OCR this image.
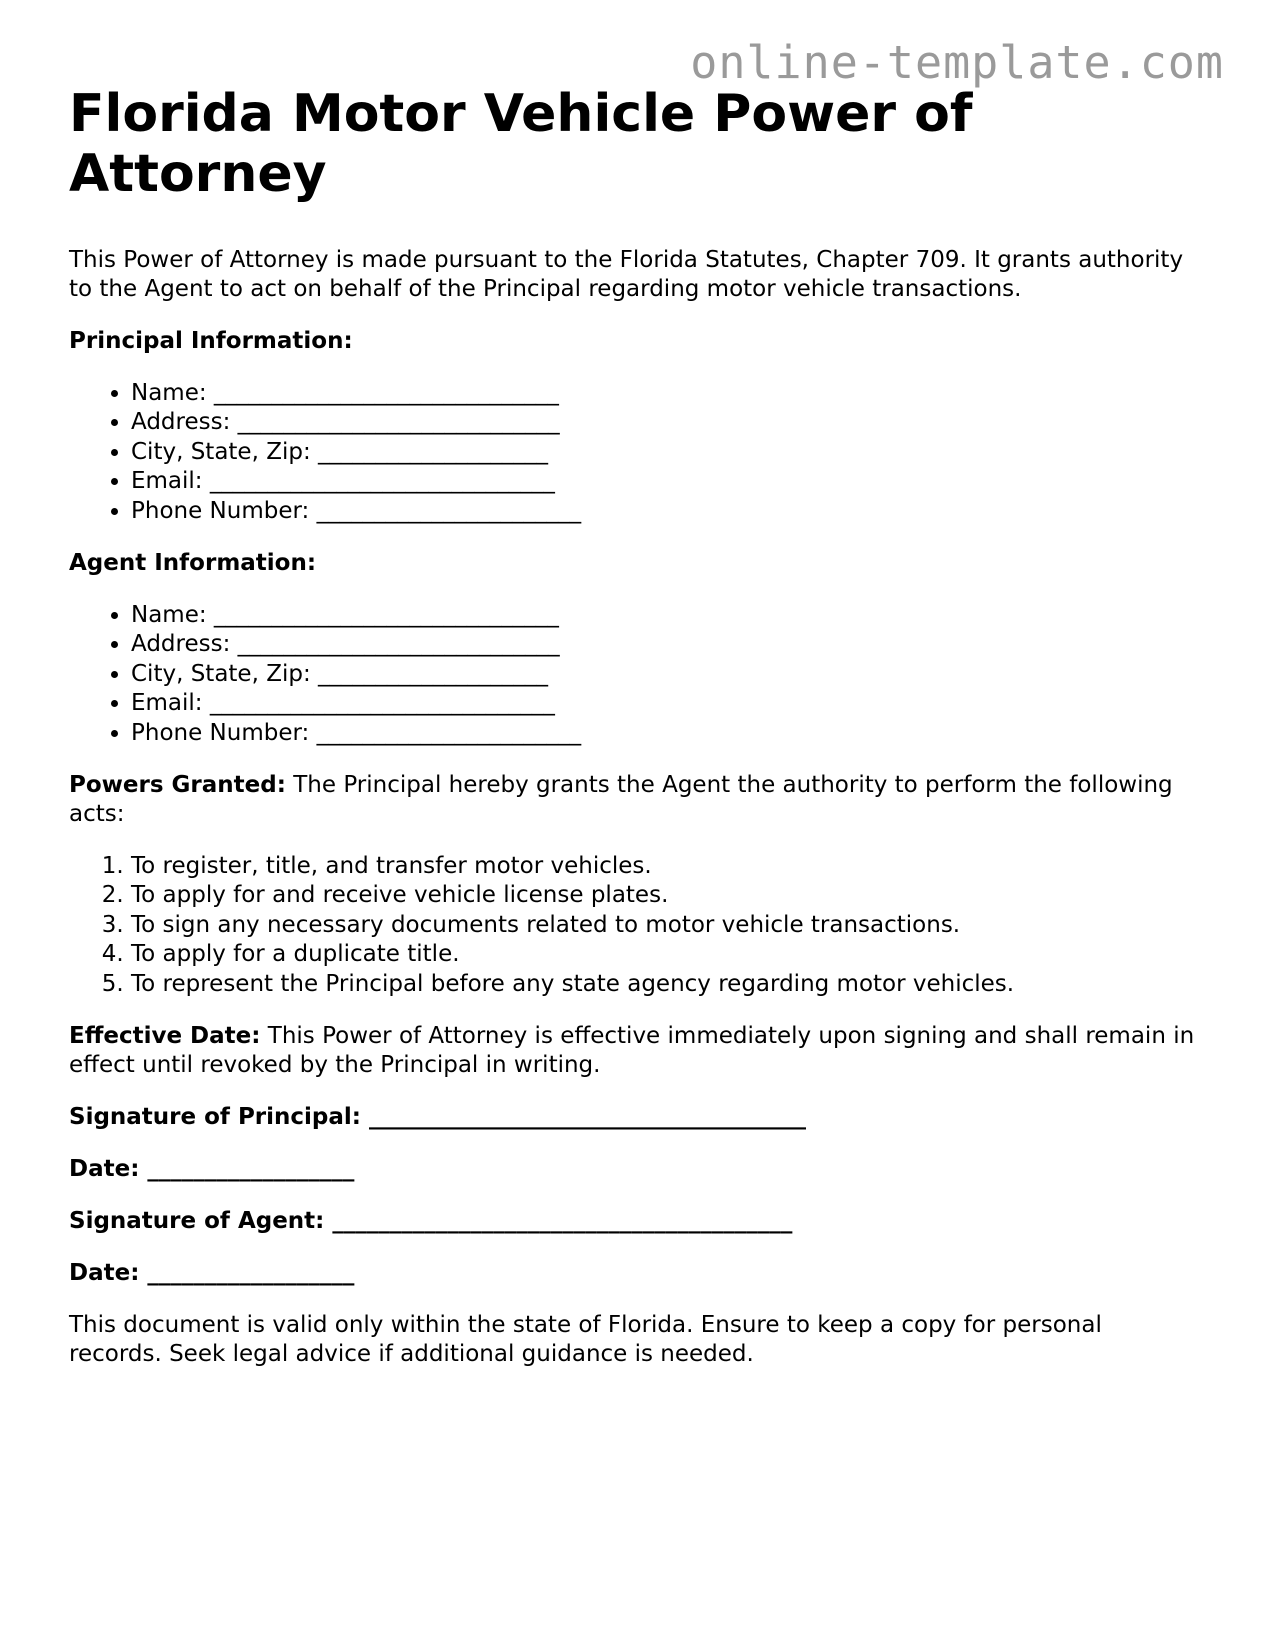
online-template.com
Florida Motor Vehicle Power of Attorney

This Power of Attorney is made pursuant to the Florida Statutes, Chapter 709. It grants authority to the Agent to act on behalf of the Principal regarding motor vehicle transactions.

Principal Information:

• Name: ______________________________
• Address: ____________________________
• City, State, Zip: ____________________
• Email: ______________________________
• Phone Number: _______________________

Agent Information:

• Name: ______________________________
• Address: ____________________________
• City, State, Zip: ____________________
• Email: ______________________________
• Phone Number: _______________________

Powers Granted: The Principal hereby grants the Agent the authority to perform the following acts:

1. To register, title, and transfer motor vehicles.
2. To apply for and receive vehicle license plates.
3. To sign any necessary documents related to motor vehicle transactions.
4. To apply for a duplicate title.
5. To represent the Principal before any state agency regarding motor vehicles.

Effective Date: This Power of Attorney is effective immediately upon signing and shall remain in effect until revoked by the Principal in writing.

Signature of Principal: ______________________________________

Date: __________________

Signature of Agent: ________________________________________

Date: __________________

This document is valid only within the state of Florida. Ensure to keep a copy for personal records. Seek legal advice if additional guidance is needed.
